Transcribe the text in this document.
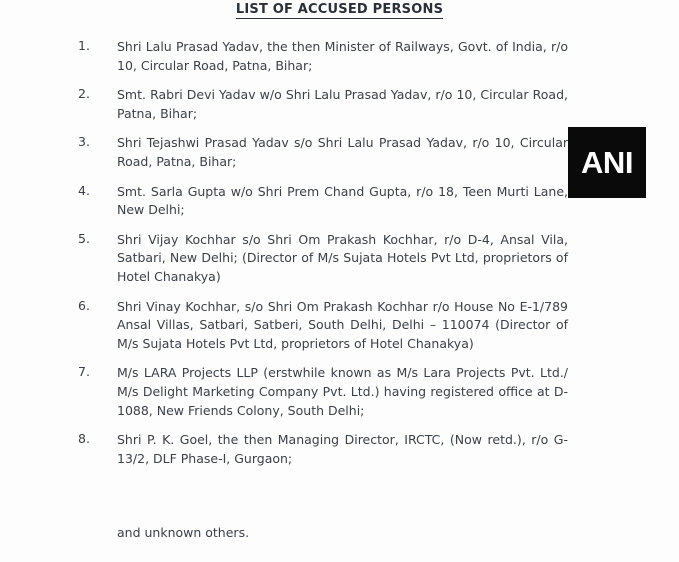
LIST OF ACCUSED PERSONS
1.	Shri Lalu Prasad Yadav, the then Minister of Railways, Govt. of India, r/o 10, Circular Road, Patna, Bihar;
2.	Smt. Rabri Devi Yadav w/o Shri Lalu Prasad Yadav, r/o 10, Circular Road, Patna, Bihar;
3.	Shri Tejashwi Prasad Yadav s/o Shri Lalu Prasad Yadav, r/o 10, Circular Road, Patna, Bihar;
4.	Smt. Sarla Gupta w/o Shri Prem Chand Gupta, r/o 18, Teen Murti Lane, New Delhi;
5.	Shri Vijay Kochhar s/o Shri Om Prakash Kochhar, r/o D-4, Ansal Vila, Satbari, New Delhi; (Director of M/s Sujata Hotels Pvt Ltd, proprietors of Hotel Chanakya)
6.	Shri Vinay Kochhar, s/o Shri Om Prakash Kochhar r/o House No E-1/789 Ansal Villas, Satbari, Satberi, South Delhi, Delhi – 110074 (Director of M/s Sujata Hotels Pvt Ltd, proprietors of Hotel Chanakya)
7.	M/s LARA Projects LLP (erstwhile known as M/s Lara Projects Pvt. Ltd./ M/s Delight Marketing Company Pvt. Ltd.) having registered office at D-1088, New Friends Colony, South Delhi;
8.	Shri P. K. Goel, the then Managing Director, IRCTC, (Now retd.), r/o G-13/2, DLF Phase-I, Gurgaon;
and unknown others.
ANI
